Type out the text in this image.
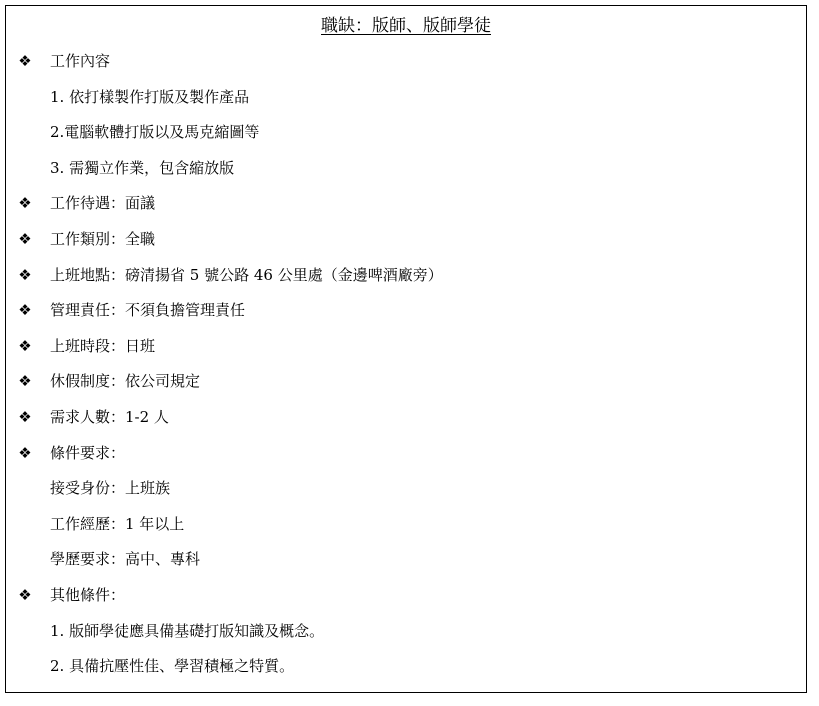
職缺：版師、版師學徒
❖ 工作內容
1. 依打樣製作打版及製作產品
2.電腦軟體打版以及馬克縮圖等
3. 需獨立作業，包含縮放版
❖ 工作待遇：面議
❖ 工作類別：全職
❖ 上班地點：磅清揚省 5 號公路 46 公里處（金邊啤酒廠旁）
❖ 管理責任：不須負擔管理責任
❖ 上班時段：日班
❖ 休假制度：依公司規定
❖ 需求人數：1-2 人
❖ 條件要求：
接受身份：上班族
工作經歷：1 年以上
學歷要求：高中、專科
❖ 其他條件：
1. 版師學徒應具備基礎打版知識及概念。
2. 具備抗壓性佳、學習積極之特質。
